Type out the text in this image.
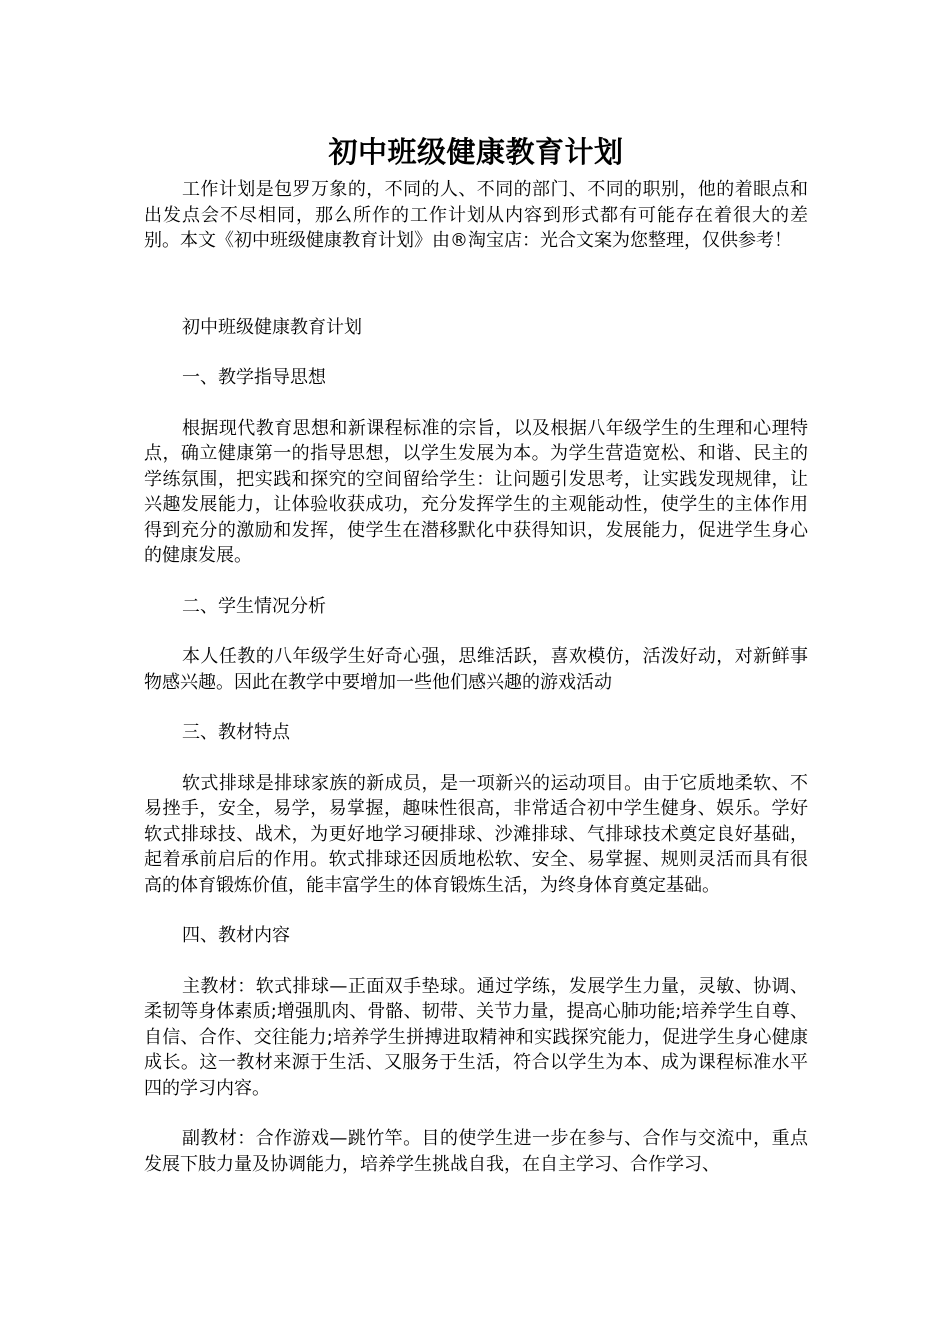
初中班级健康教育计划

工作计划是包罗万象的，不同的人、不同的部门、不同的职别，他的着眼点和出发点会不尽相同，那么所作的工作计划从内容到形式都有可能存在着很大的差别。本文《初中班级健康教育计划》由®淘宝店：光合文案为您整理，仅供参考！

初中班级健康教育计划

一、教学指导思想

根据现代教育思想和新课程标准的宗旨，以及根据八年级学生的生理和心理特点，确立健康第一的指导思想，以学生发展为本。为学生营造宽松、和谐、民主的学练氛围，把实践和探究的空间留给学生：让问题引发思考，让实践发现规律，让兴趣发展能力，让体验收获成功，充分发挥学生的主观能动性，使学生的主体作用得到充分的激励和发挥，使学生在潜移默化中获得知识，发展能力，促进学生身心的健康发展。

二、学生情况分析

本人任教的八年级学生好奇心强，思维活跃，喜欢模仿，活泼好动，对新鲜事物感兴趣。因此在教学中要增加一些他们感兴趣的游戏活动

三、教材特点

软式排球是排球家族的新成员，是一项新兴的运动项目。由于它质地柔软、不易挫手，安全，易学，易掌握，趣味性很高，非常适合初中学生健身、娱乐。学好软式排球技、战术，为更好地学习硬排球、沙滩排球、气排球技术奠定良好基础，起着承前启后的作用。软式排球还因质地松软、安全、易掌握、规则灵活而具有很高的体育锻炼价值，能丰富学生的体育锻炼生活，为终身体育奠定基础。

四、教材内容

主教材：软式排球—正面双手垫球。通过学练，发展学生力量，灵敏、协调、柔韧等身体素质;增强肌肉、骨骼、韧带、关节力量，提高心肺功能;培养学生自尊、自信、合作、交往能力;培养学生拼搏进取精神和实践探究能力，促进学生身心健康成长。这一教材来源于生活、又服务于生活，符合以学生为本、成为课程标准水平四的学习内容。

副教材：合作游戏—跳竹竿。目的使学生进一步在参与、合作与交流中，重点发展下肢力量及协调能力，培养学生挑战自我，在自主学习、合作学习、
